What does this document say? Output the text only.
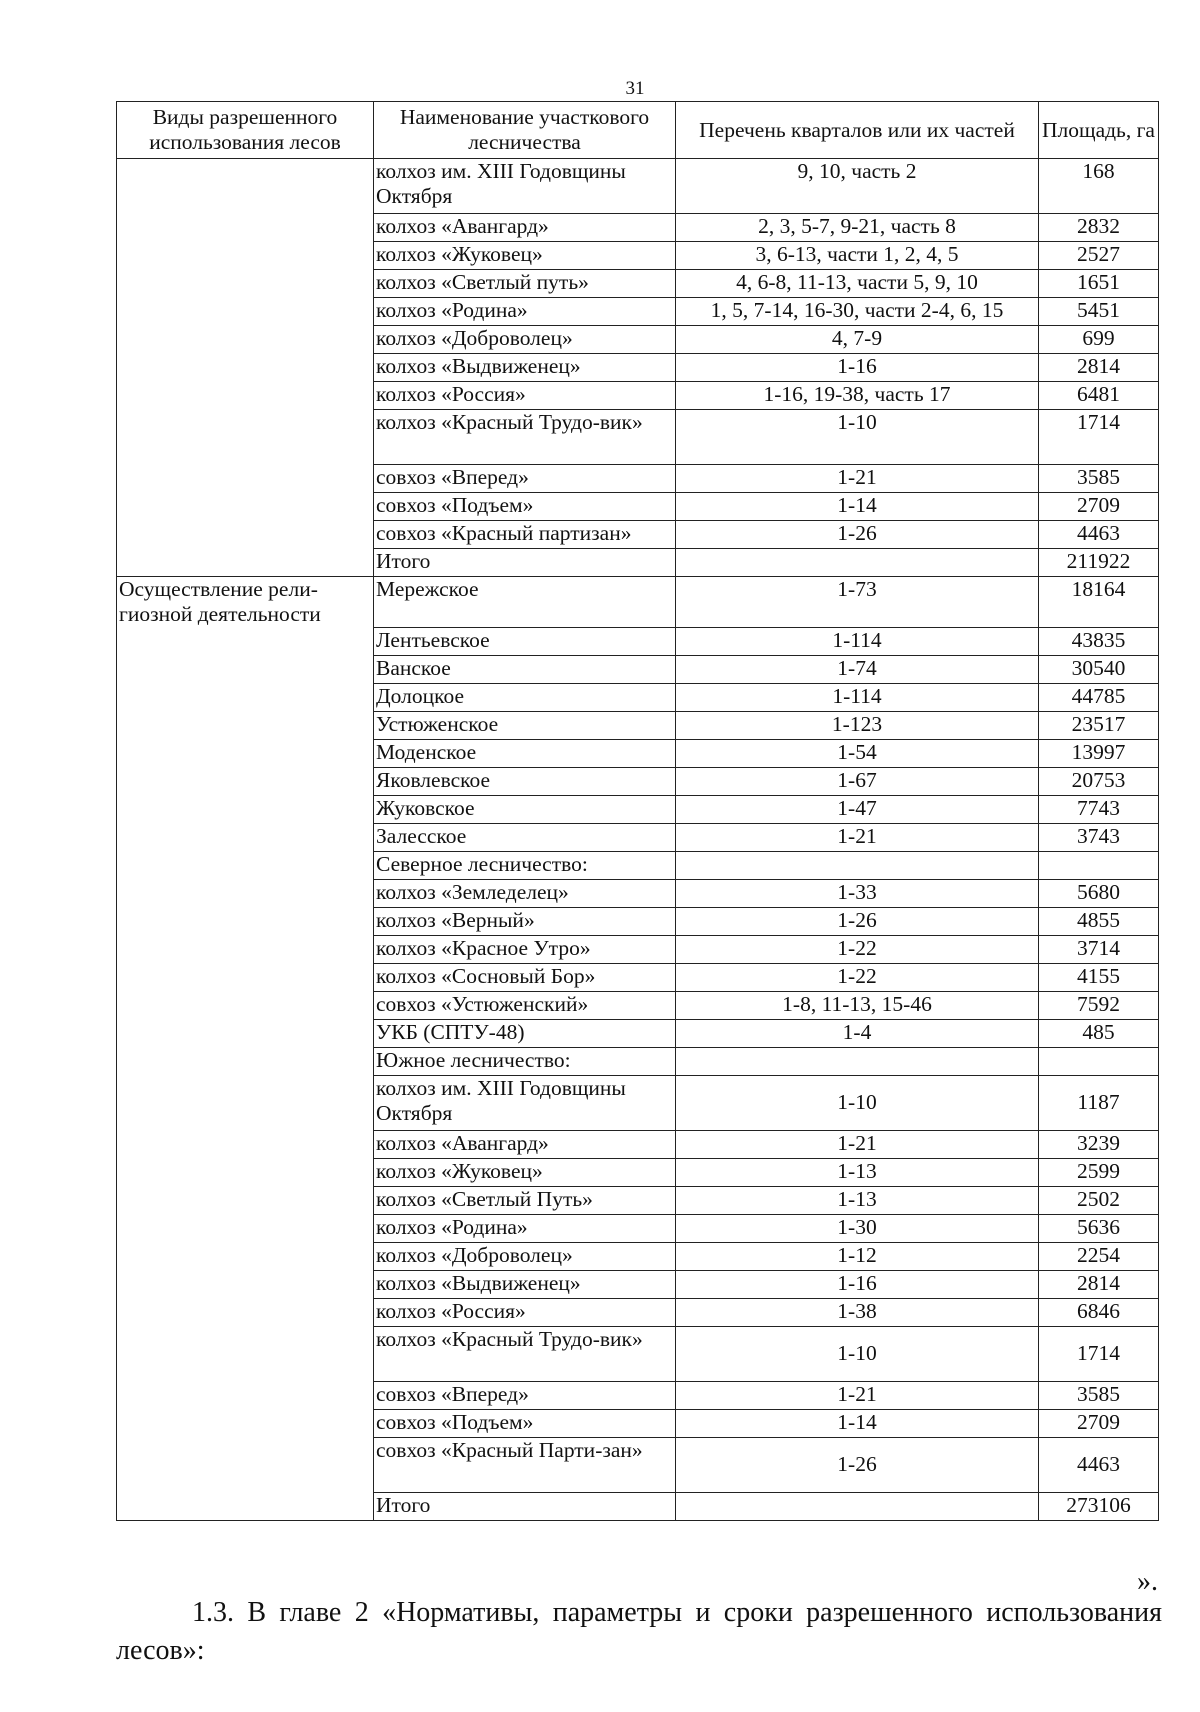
31
Виды разрешенного использования лесов	Наименование участкового лесничества	Перечень кварталов или их частей	Площадь, га
	колхоз им. XIII Годовщины Октября	9, 10, часть 2	168
	колхоз «Авангард»	2, 3, 5-7, 9-21, часть 8	2832
	колхоз «Жуковец»	3, 6-13, части 1, 2, 4, 5	2527
	колхоз «Светлый путь»	4, 6-8, 11-13, части 5, 9, 10	1651
	колхоз «Родина»	1, 5, 7-14, 16-30, части 2-4, 6, 15	5451
	колхоз «Доброволец»	4, 7-9	699
	колхоз «Выдвиженец»	1-16	2814
	колхоз «Россия»	1-16, 19-38, часть 17	6481
	колхоз «Красный Трудо-вик»	1-10	1714
	совхоз «Вперед»	1-21	3585
	совхоз «Подъем»	1-14	2709
	совхоз «Красный партизан»	1-26	4463
	Итого		211922
Осуществление рели-гиозной деятельности	Мережское	1-73	18164
	Лентьевское	1-114	43835
	Ванское	1-74	30540
	Долоцкое	1-114	44785
	Устюженское	1-123	23517
	Моденское	1-54	13997
	Яковлевское	1-67	20753
	Жуковское	1-47	7743
	Залесское	1-21	3743
	Северное лесничество:		
	колхоз «Земледелец»	1-33	5680
	колхоз «Верный»	1-26	4855
	колхоз «Красное Утро»	1-22	3714
	колхоз «Сосновый Бор»	1-22	4155
	совхоз «Устюженский»	1-8, 11-13, 15-46	7592
	УКБ (СПТУ-48)	1-4	485
	Южное лесничество:		
	колхоз им. XIII Годовщины Октября	1-10	1187
	колхоз «Авангард»	1-21	3239
	колхоз «Жуковец»	1-13	2599
	колхоз «Светлый Путь»	1-13	2502
	колхоз «Родина»	1-30	5636
	колхоз «Доброволец»	1-12	2254
	колхоз «Выдвиженец»	1-16	2814
	колхоз «Россия»	1-38	6846
	колхоз «Красный Трудо-вик»	1-10	1714
	совхоз «Вперед»	1-21	3585
	совхоз «Подъем»	1-14	2709
	совхоз «Красный Парти-зан»	1-26	4463
	Итого		273106
».
1.3. В главе 2 «Нормативы, параметры и сроки разрешенного использования лесов»:
